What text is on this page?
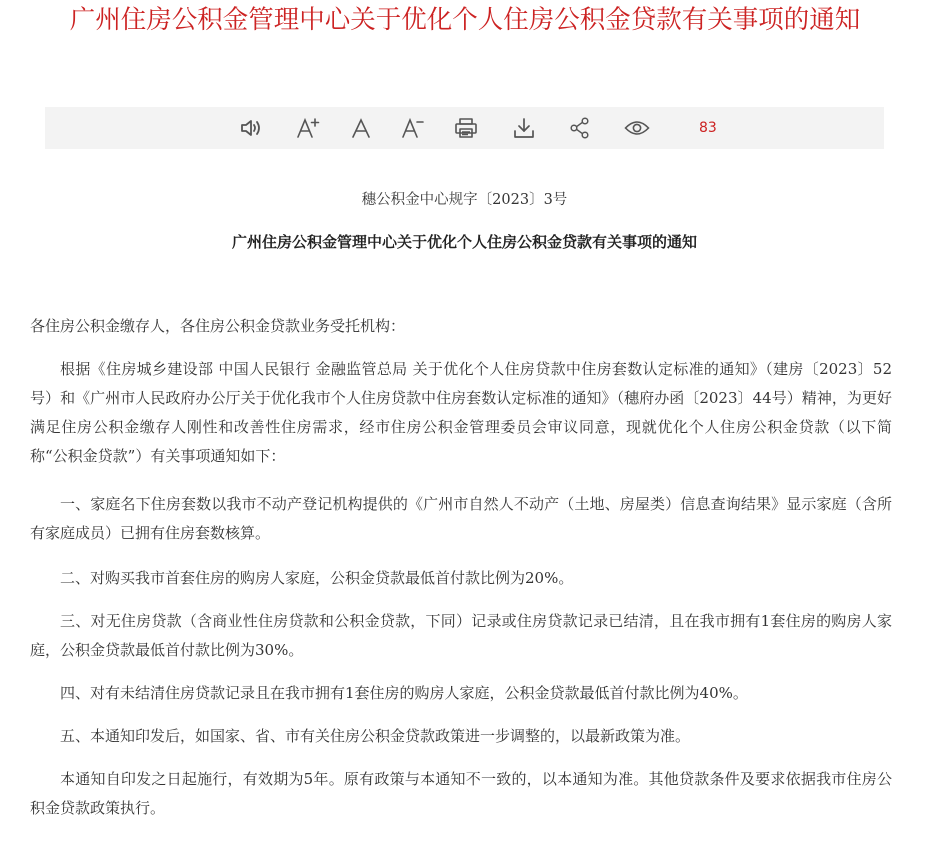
广州住房公积金管理中心关于优化个人住房公积金贷款有关事项的通知
83
穗公积金中心规字〔2023〕3号
广州住房公积金管理中心关于优化个人住房公积金贷款有关事项的通知

各住房公积金缴存人，各住房公积金贷款业务受托机构：

根据《住房城乡建设部 中国人民银行 金融监管总局 关于优化个人住房贷款中住房套数认定标准的通知》（建房〔2023〕52号）和《广州市人民政府办公厅关于优化我市个人住房贷款中住房套数认定标准的通知》（穗府办函〔2023〕44号）精神，为更好满足住房公积金缴存人刚性和改善性住房需求，经市住房公积金管理委员会审议同意，现就优化个人住房公积金贷款（以下简称“公积金贷款”）有关事项通知如下：

一、家庭名下住房套数以我市不动产登记机构提供的《广州市自然人不动产（土地、房屋类）信息查询结果》显示家庭（含所有家庭成员）已拥有住房套数核算。

二、对购买我市首套住房的购房人家庭，公积金贷款最低首付款比例为20%。

三、对无住房贷款（含商业性住房贷款和公积金贷款，下同）记录或住房贷款记录已结清，且在我市拥有1套住房的购房人家庭，公积金贷款最低首付款比例为30%。

四、对有未结清住房贷款记录且在我市拥有1套住房的购房人家庭，公积金贷款最低首付款比例为40%。

五、本通知印发后，如国家、省、市有关住房公积金贷款政策进一步调整的，以最新政策为准。

本通知自印发之日起施行，有效期为5年。原有政策与本通知不一致的，以本通知为准。其他贷款条件及要求依据我市住房公积金贷款政策执行。
